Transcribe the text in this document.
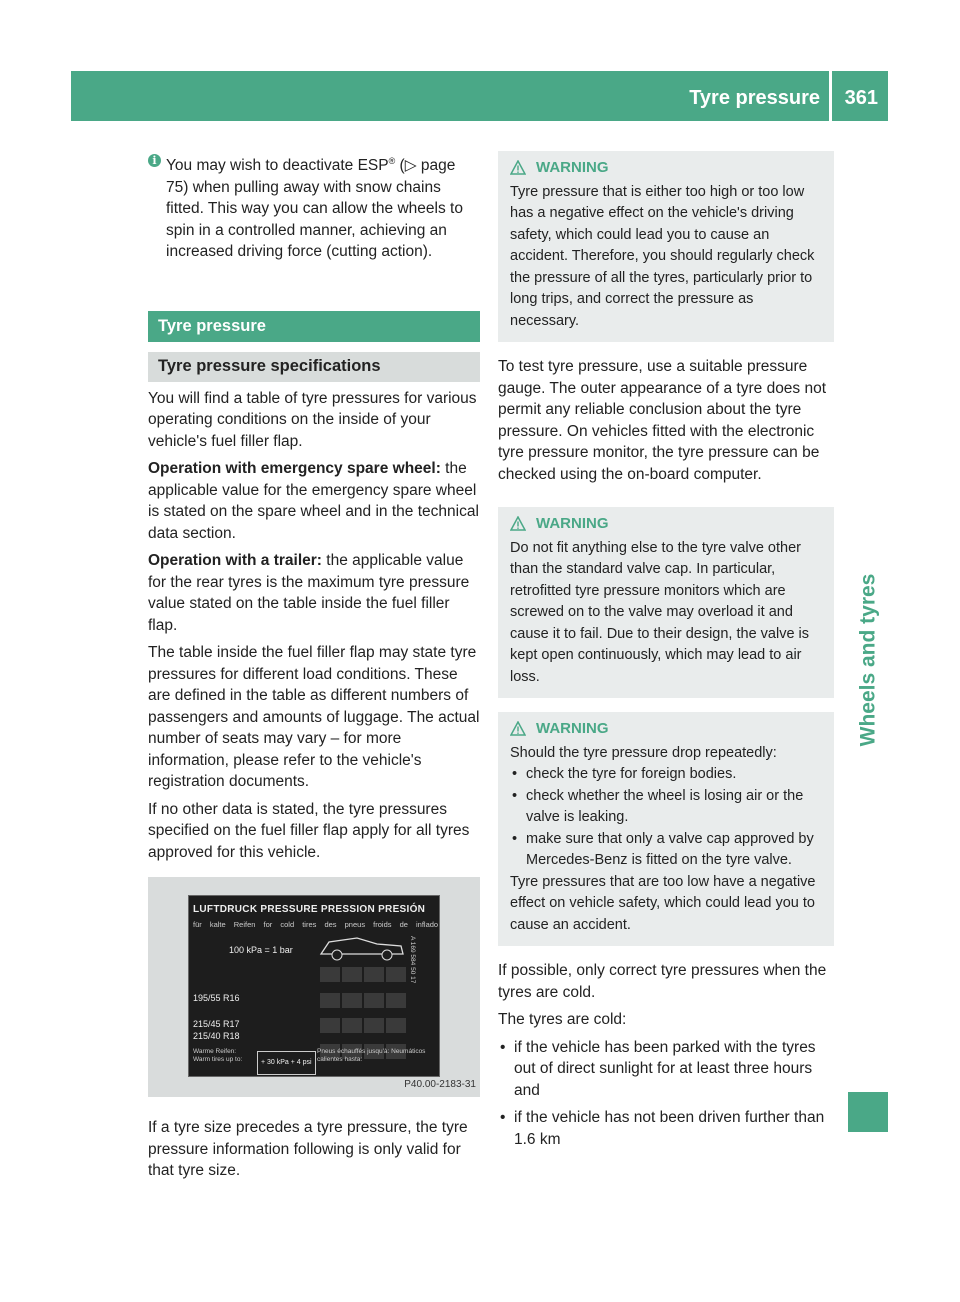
Tyre pressure 361
Wheels and tyres

i You may wish to deactivate ESP® (▷ page 75) when pulling away with snow chains fitted. This way you can allow the wheels to spin in a controlled manner, achieving an increased driving force (cutting action).

Tyre pressure
Tyre pressure specifications

You will find a table of tyre pressures for various operating conditions on the inside of your vehicle's fuel filler flap.

Operation with emergency spare wheel: the applicable value for the emergency spare wheel is stated on the spare wheel and in the technical data section.

Operation with a trailer: the applicable value for the rear tyres is the maximum tyre pressure value stated on the table inside the fuel filler flap.

The table inside the fuel filler flap may state tyre pressures for different load conditions. These are defined in the table as different numbers of passengers and amounts of luggage. The actual number of seats may vary – for more information, please refer to the vehicle's registration documents.

If no other data is stated, the tyre pressures specified on the fuel filler flap apply for all tyres approved for this vehicle.

LUFTDRUCK PRESSURE PRESSION PRESIÓN
für kalte Reifen for cold tires des pneus froids de inflado
100 kPa = 1 bar
195/55 R16
215/45 R17
215/40 R18

Warme Reifen: Warm tires up to:	+ 30 kPa + 4 psi
Pneus échauffés jusqu'à: Neumáticos calientes hasta:
A 169 584 50 17
P40.00-2183-31

If a tyre size precedes a tyre pressure, the tyre pressure information following is only valid for that tyre size.

WARNING
Tyre pressure that is either too high or too low has a negative effect on the vehicle's driving safety, which could lead you to cause an accident. Therefore, you should regularly check the pressure of all the tyres, particularly prior to long trips, and correct the pressure as necessary.

To test tyre pressure, use a suitable pressure gauge. The outer appearance of a tyre does not permit any reliable conclusion about the tyre pressure. On vehicles fitted with the electronic tyre pressure monitor, the tyre pressure can be checked using the on-board computer.

WARNING
Do not fit anything else to the tyre valve other than the standard valve cap. In particular, retrofitted tyre pressure monitors which are screwed on to the valve may overload it and cause it to fail. Due to their design, the valve is kept open continuously, which may lead to air loss.
WARNING
Should the tyre pressure drop repeatedly:
• check the tyre for foreign bodies.
• check whether the wheel is losing air or the valve is leaking.
• make sure that only a valve cap approved by Mercedes-Benz is fitted on the tyre valve.
Tyre pressures that are too low have a negative effect on vehicle safety, which could lead you to cause an accident.

If possible, only correct tyre pressures when the tyres are cold.

The tyres are cold:

• if the vehicle has been parked with the tyres out of direct sunlight for at least three hours and

• if the vehicle has not been driven further than 1.6 km
